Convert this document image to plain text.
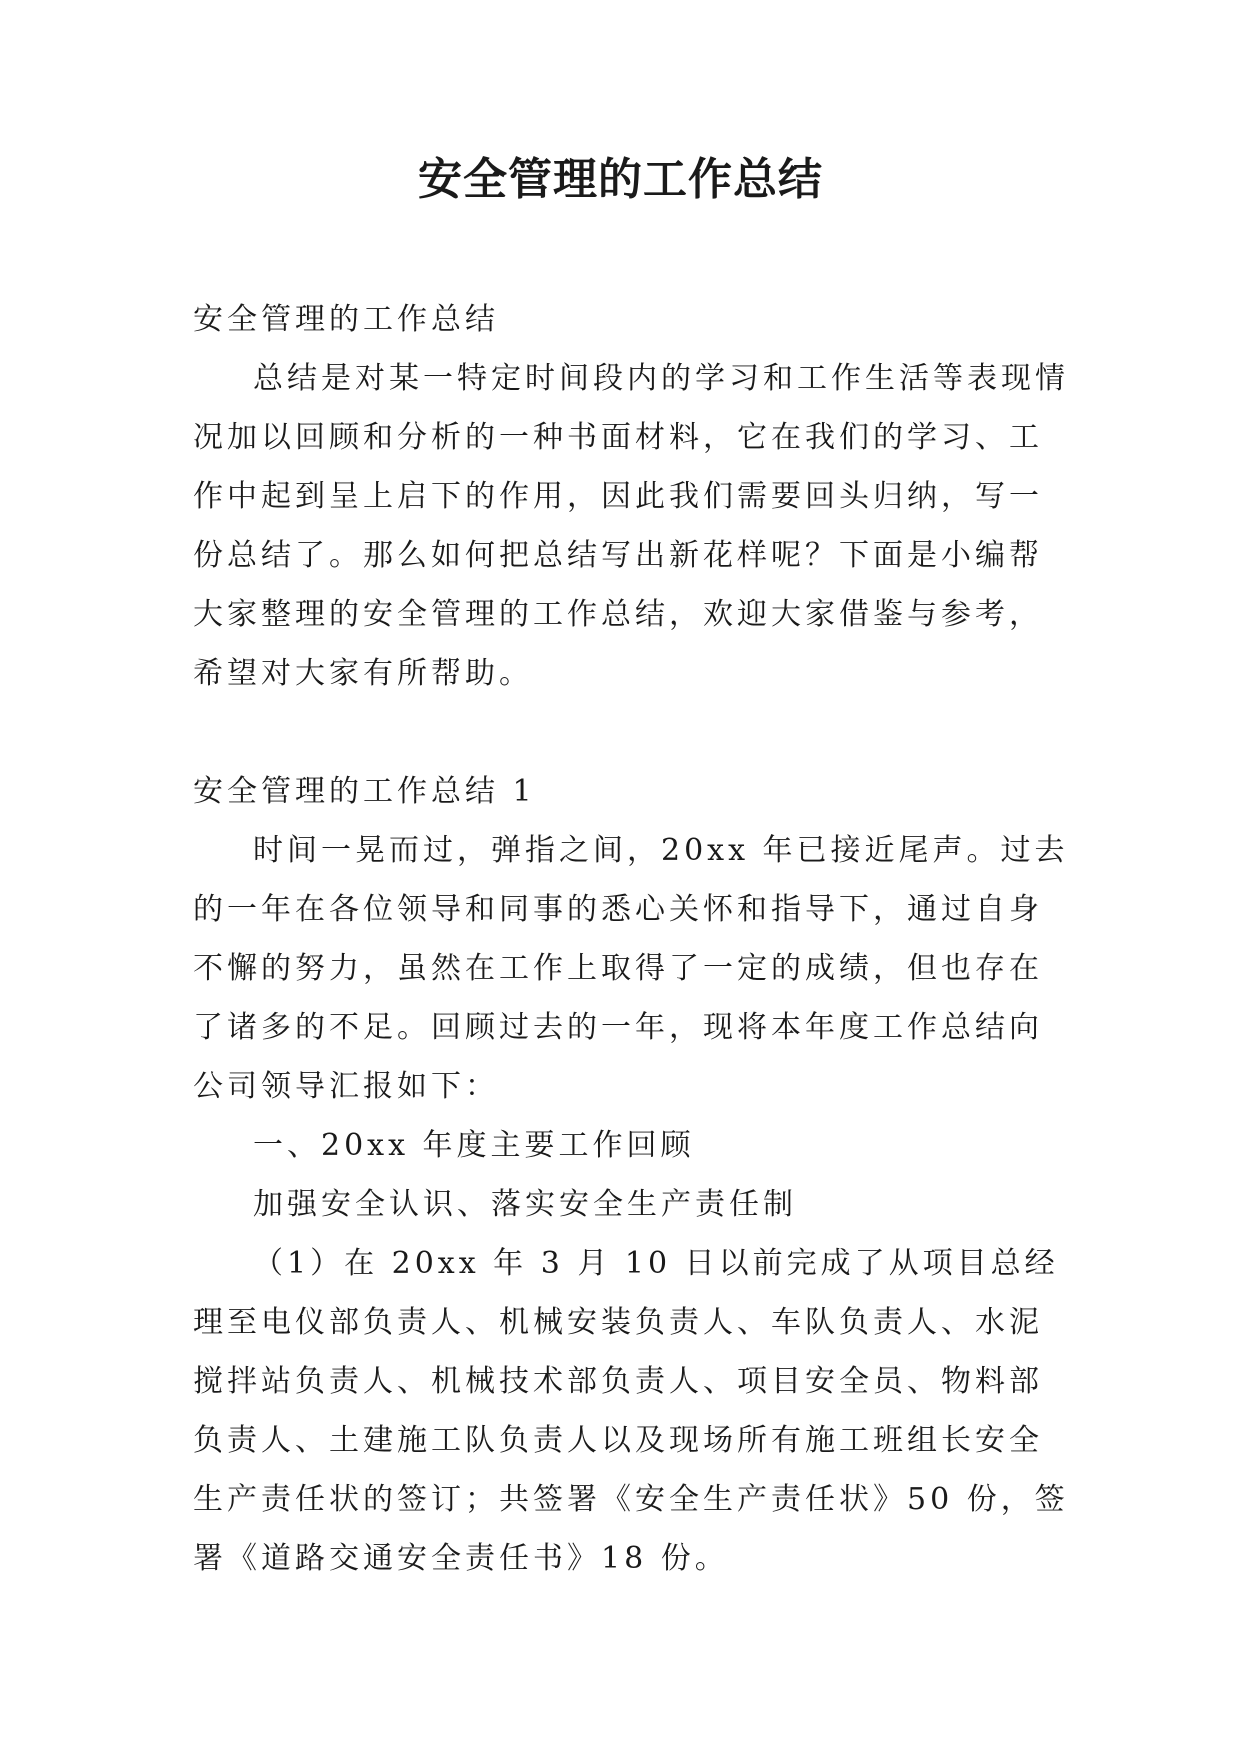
安全管理的工作总结

安全管理的工作总结

总结是对某一特定时间段内的学习和工作生活等表现情况加以回顾和分析的一种书面材料，它在我们的学习、工作中起到呈上启下的作用，因此我们需要回头归纳，写一份总结了。那么如何把总结写出新花样呢？下面是小编帮大家整理的安全管理的工作总结，欢迎大家借鉴与参考，希望对大家有所帮助。

安全管理的工作总结 1

时间一晃而过，弹指之间，20xx 年已接近尾声。过去的一年在各位领导和同事的悉心关怀和指导下，通过自身不懈的努力，虽然在工作上取得了一定的成绩，但也存在了诸多的不足。回顾过去的一年，现将本年度工作总结向公司领导汇报如下：

一、20xx 年度主要工作回顾

加强安全认识、落实安全生产责任制

（1）在 20xx 年 3 月 10 日以前完成了从项目总经理至电仪部负责人、机械安装负责人、车队负责人、水泥搅拌站负责人、机械技术部负责人、项目安全员、物料部负责人、土建施工队负责人以及现场所有施工班组长安全生产责任状的签订；共签署《安全生产责任状》50 份，签署《道路交通安全责任书》18 份。
